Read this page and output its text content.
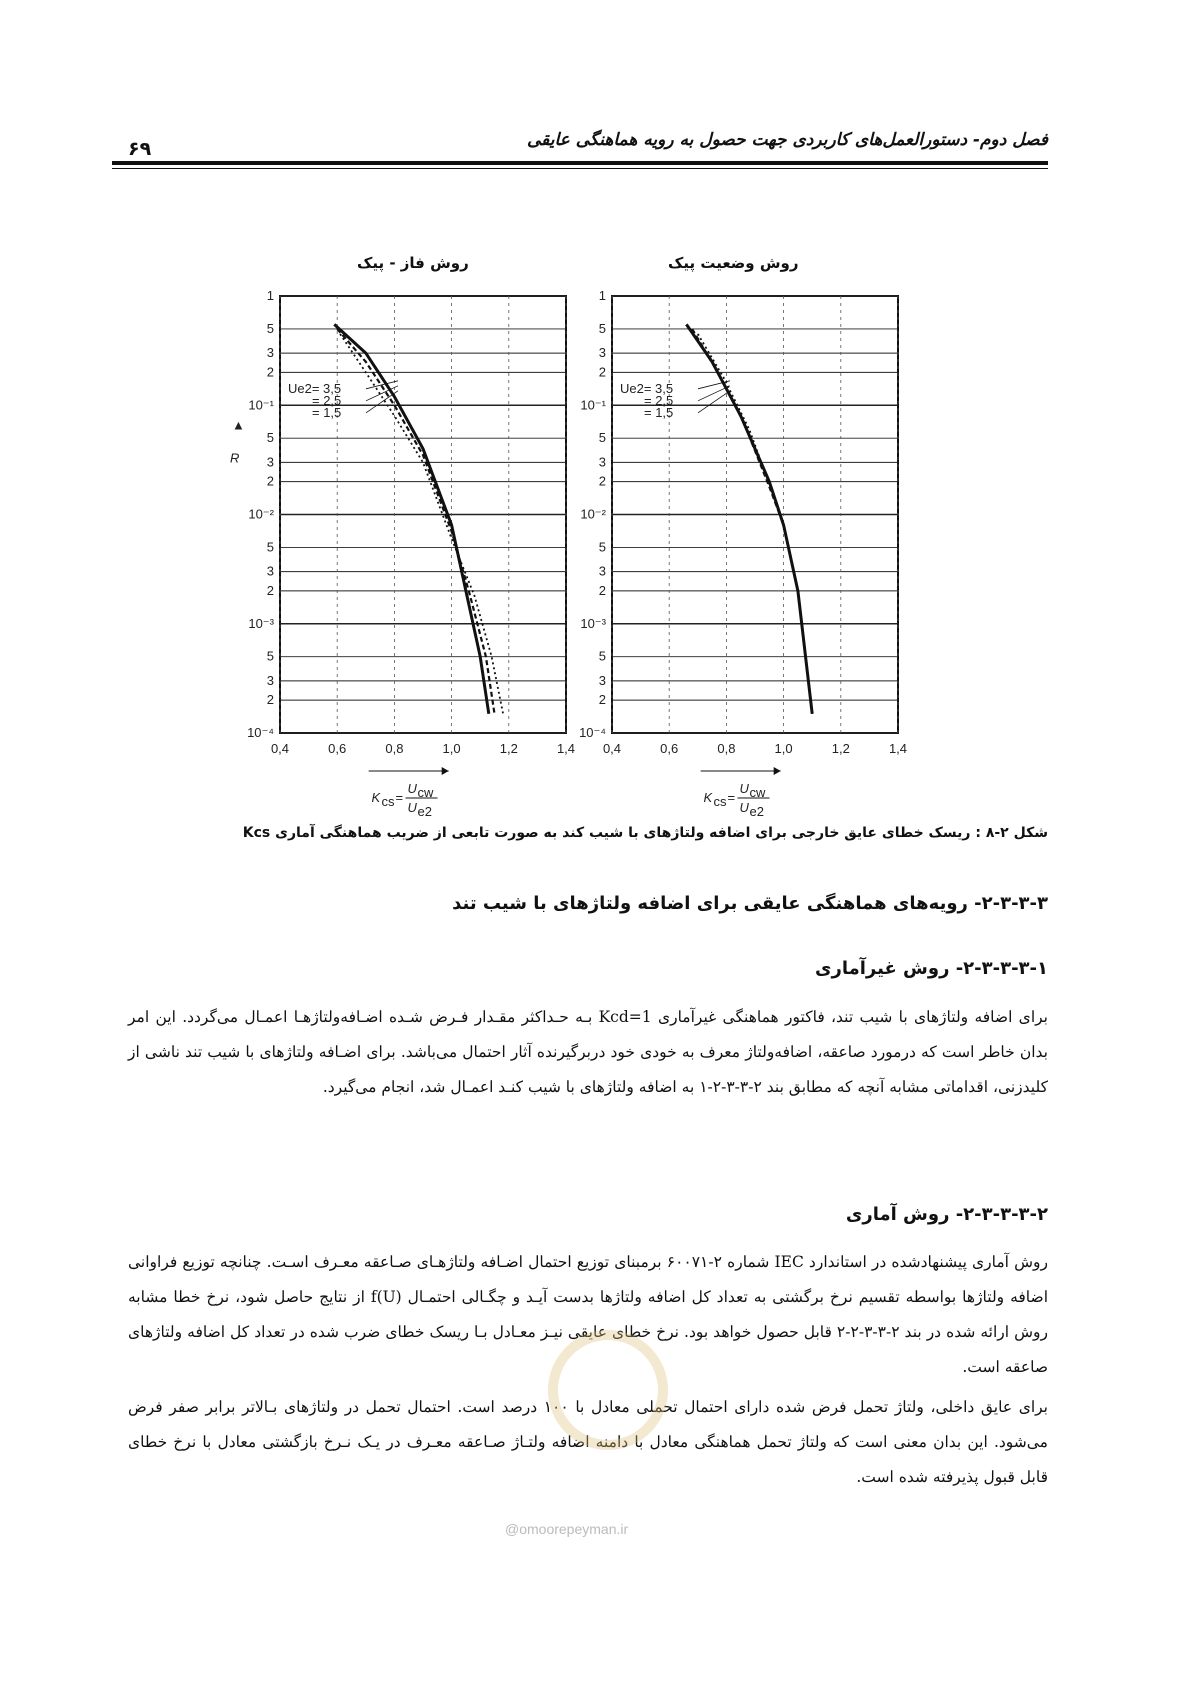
۶۹	فصل دوم- دستورالعمل‌های کاربردی جهت حصول به رویه هماهنگی عایقی
روش فاز - پیک	روش وضعیت پیک
1
5
3
2
10⁻¹
5
3
2
10⁻²
5
3
2
10⁻³
5
3
2
10⁻⁴
0,4	0,6	0,8	1,0	1,2	1,4
Ue2= 3,5
= 2,5
= 1,5
R
▲
K cs =
U cw
U e2
1
5
3
2
10⁻¹
5
3
2
10⁻²
5
3
2
10⁻³
5
3
2
10⁻⁴
0,4	0,6	0,8	1,0	1,2	1,4
Ue2= 3,5
= 2,5
= 1,5
K cs =
U cw
U e2
شکل ۲-۸ : ریسک خطای عایق خارجی برای اضافه ولتاژهای با شیب کند به صورت تابعی از ضریب هماهنگی آماری Kcs
۲-۳-۳-۳- رویه‌های هماهنگی عایقی برای اضافه ولتاژهای با شیب تند
۲-۳-۳-۳-۱- روش غیرآماری
برای اضافه ولتاژهای با شیب تند، فاکتور هماهنگی غیرآماری Kcd=1 بـه حـداکثر مقـدار فـرض شـده اضـافه‌ولتاژهـا اعمـال می‌گردد. این امر بدان خاطر است که درمورد صاعقه، اضافه‌ولتاژ معرف به خودی خود دربرگیرنده آثار احتمال می‌باشد. برای اضـافه ولتاژهای با شیب تند ناشی از کلیدزنی، اقداماتی مشابه آنچه که مطابق بند ۲-۳-۳-۲-۱ به اضافه ولتاژهای با شیب کنـد اعمـال شد، انجام می‌گیرد.
۲-۳-۳-۳-۲- روش آماری
روش آماری پیشنهادشده در استاندارد IEC شماره ۲-۶۰۰۷۱ برمبنای توزیع احتمال اضـافه ولتاژهـای صـاعقه معـرف اسـت. چنانچه توزیع فراوانی اضافه ولتاژها بواسطه تقسیم نرخ برگشتی به تعداد کل اضافه ولتاژها بدست آیـد و چگـالی احتمـال f(U) از نتایج حاصل شود، نرخ خطا مشابه روش ارائه شده در بند ۲-۳-۳-۲-۲ قابل حصول خواهد بود. نرخ خطای عایقی نیـز معـادل بـا ریسک خطای ضرب شده در تعداد کل اضافه ولتاژهای صاعقه است.
برای عایق داخلی، ولتاژ تحمل فرض شده دارای احتمال تحملی معادل با ۱۰۰ درصد است. احتمال تحمل در ولتاژهای بـالاتر برابر صفر فرض می‌شود. این بدان معنی است که ولتاژ تحمل هماهنگی معادل با دامنه اضافه ولتـاژ صـاعقه معـرف در یـک نـرخ بازگشتی معادل با نرخ خطای قابل قبول پذیرفته شده است.
@omoorepeyman.ir
